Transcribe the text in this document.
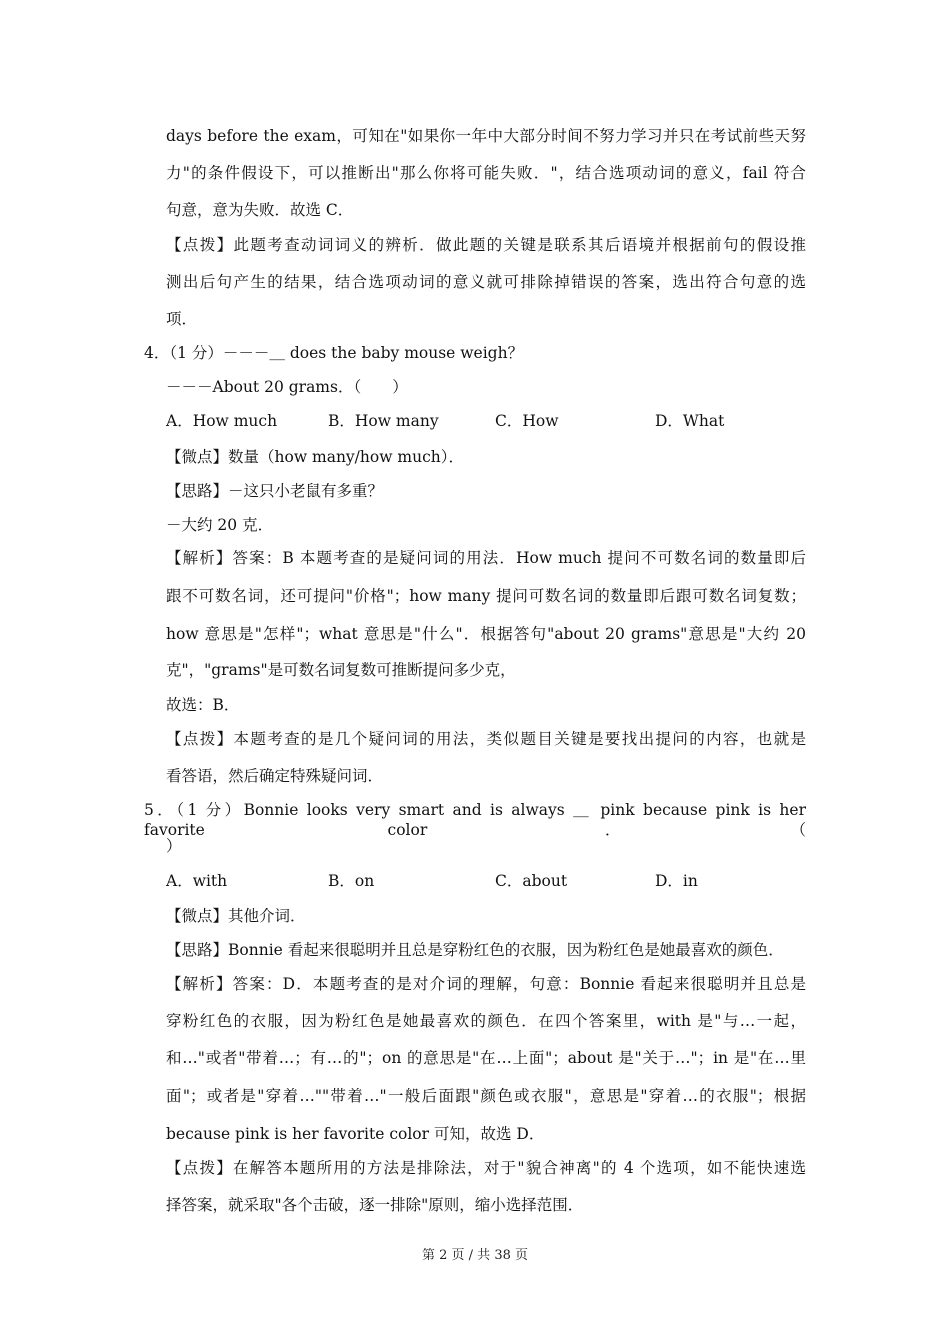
days before the exam，可知在"如果你一年中大部分时间不努力学习并只在考试前些天努
力"的条件假设下，可以推断出"那么你将可能失败．"，结合选项动词的意义，fail 符合
句意，意为失败．故选 C．
【点拨】此题考查动词词义的辨析．做此题的关键是联系其后语境并根据前句的假设推
测出后句产生的结果，结合选项动词的意义就可排除掉错误的答案，选出符合句意的选
项．
4．（1 分）－－－＿ does the baby mouse weigh？
－－－About 20 grams．（　　）
A．How much	B．How many	C．How	D．What
【微点】数量（how many/how much）．
【思路】－这只小老鼠有多重？
－大约 20 克．
【解析】答案：B 本题考查的是疑问词的用法．How much 提问不可数名词的数量即后
跟不可数名词，还可提问"价格"；how many 提问可数名词的数量即后跟可数名词复数；
how 意思是"怎样"；what 意思是"什么"．根据答句"about 20 grams"意思是"大约 20
克"，"grams"是可数名词复数可推断提问多少克，
故选：B．
【点拨】本题考查的是几个疑问词的用法，类似题目关键是要找出提问的内容，也就是
看答语，然后确定特殊疑问词．
5．（1 分）Bonnie looks very smart and is always ＿ pink because pink is her favorite color．（
）
A．with	B．on	C．about	D．in
【微点】其他介词．
【思路】Bonnie 看起来很聪明并且总是穿粉红色的衣服，因为粉红色是她最喜欢的颜色．
【解析】答案：D．本题考查的是对介词的理解，句意：Bonnie 看起来很聪明并且总是
穿粉红色的衣服，因为粉红色是她最喜欢的颜色．在四个答案里，with 是"与…一起，
和…"或者"带着…；有…的"；on 的意思是"在…上面"；about 是"关于…"；in 是"在…里
面"；或者是"穿着…""带着…"一般后面跟"颜色或衣服"，意思是"穿着…的衣服"；根据
because pink is her favorite color 可知，故选 D．
【点拨】在解答本题所用的方法是排除法，对于"貌合神离"的 4 个选项，如不能快速选
择答案，就采取"各个击破，逐一排除"原则，缩小选择范围．
第 2 页 / 共 38 页
